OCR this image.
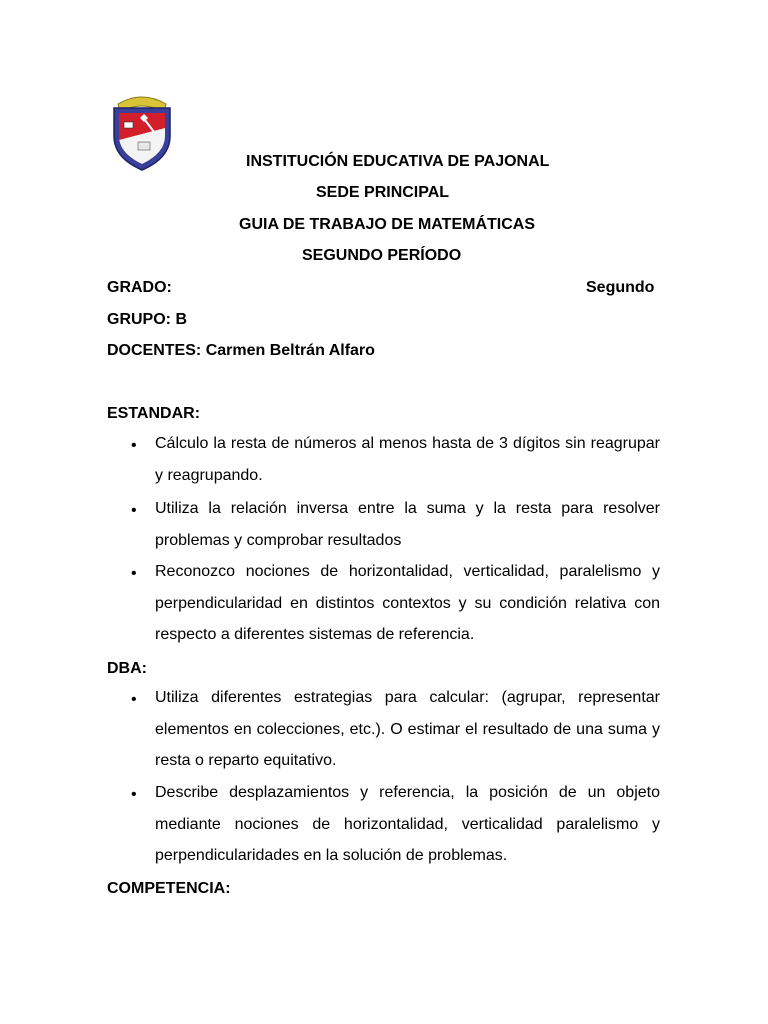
INSTITUCIÓN EDUCATIVA DE PAJONAL
SEDE PRINCIPAL
GUIA DE TRABAJO DE MATEMÁTICAS
SEGUNDO PERÍODO
GRADO:	Segundo
GRUPO: B
DOCENTES: Carmen Beltrán Alfaro
ESTANDAR:
• Cálculo la resta de números al menos hasta de 3 dígitos sin reagrupar y reagrupando.
• Utiliza la relación inversa entre la suma y la resta para resolver problemas y comprobar resultados
• Reconozco nociones de horizontalidad, verticalidad, paralelismo y perpendicularidad en distintos contextos y su condición relativa con respecto a diferentes sistemas de referencia.
DBA:
• Utiliza diferentes estrategias para calcular: (agrupar, representar elementos en colecciones, etc.). O estimar el resultado de una suma y resta o reparto equitativo.
• Describe desplazamientos y referencia, la posición de un objeto mediante nociones de horizontalidad, verticalidad paralelismo y perpendicularidades en la solución de problemas.
COMPETENCIA:
